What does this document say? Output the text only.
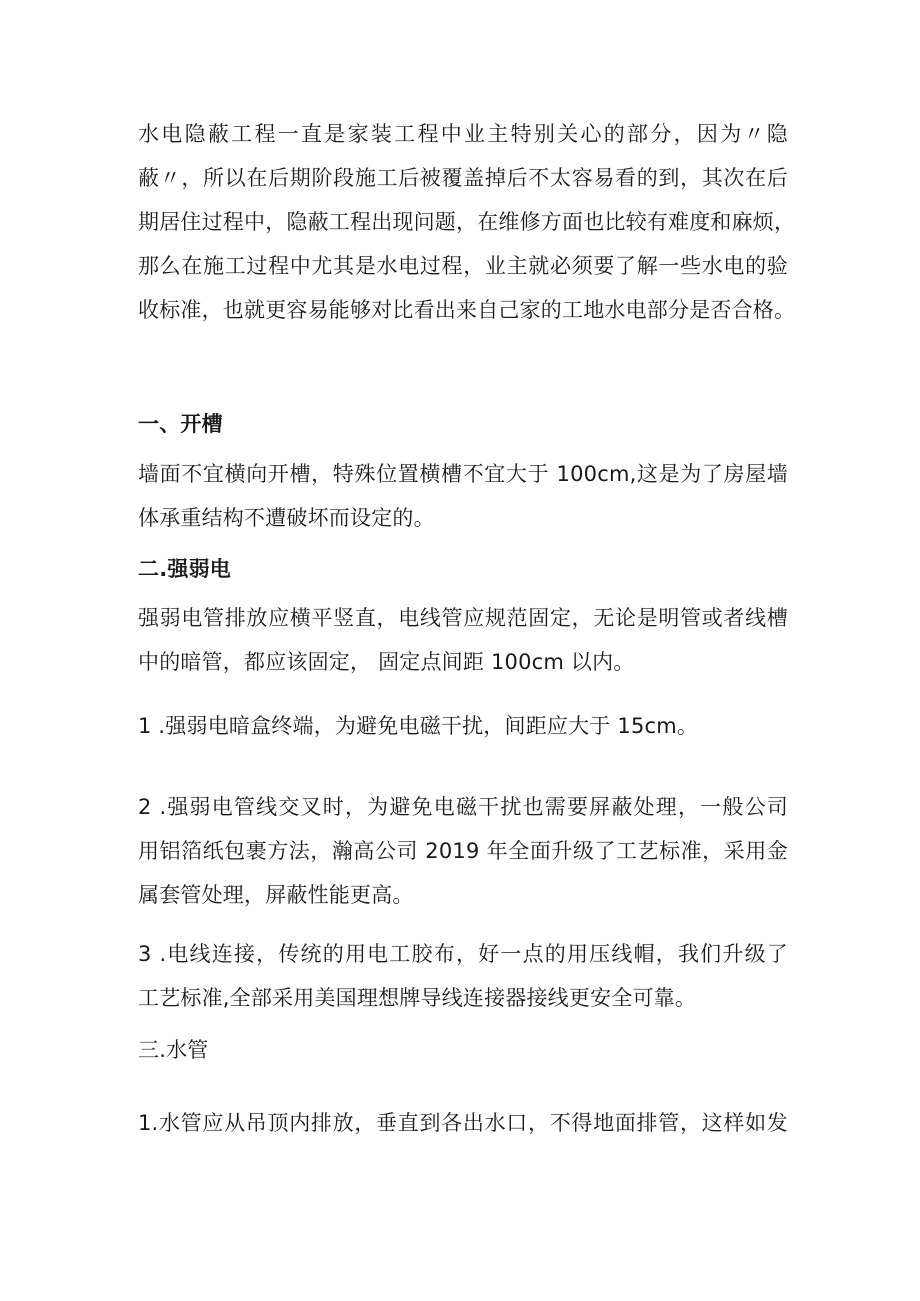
水电隐蔽工程一直是家装工程中业主特别关心的部分，因为〃隐
蔽〃，所以在后期阶段施工后被覆盖掉后不太容易看的到，其次在后
期居住过程中，隐蔽工程出现问题，在维修方面也比较有难度和麻烦，
那么在施工过程中尤其是水电过程，业主就必须要了解一些水电的验
收标准，也就更容易能够对比看出来自己家的工地水电部分是否合格。
一、开槽
墙面不宜横向开槽，特殊位置横槽不宜大于 100cm,这是为了房屋墙
体承重结构不遭破坏而设定的。
二.强弱电
强弱电管排放应横平竖直，电线管应规范固定，无论是明管或者线槽
中的暗管，都应该固定， 固定点间距 100cm 以内。
1 .强弱电暗盒终端，为避免电磁干扰，间距应大于 15cm。
2 .强弱电管线交叉时，为避免电磁干扰也需要屏蔽处理，一般公司
用铝箔纸包裹方法，瀚高公司 2019 年全面升级了工艺标准，采用金
属套管处理，屏蔽性能更高。
3 .电线连接，传统的用电工胶布，好一点的用压线帽，我们升级了
工艺标准,全部采用美国理想牌导线连接器接线更安全可靠。
三.水管
1.水管应从吊顶内排放，垂直到各出水口，不得地面排管，这样如发
